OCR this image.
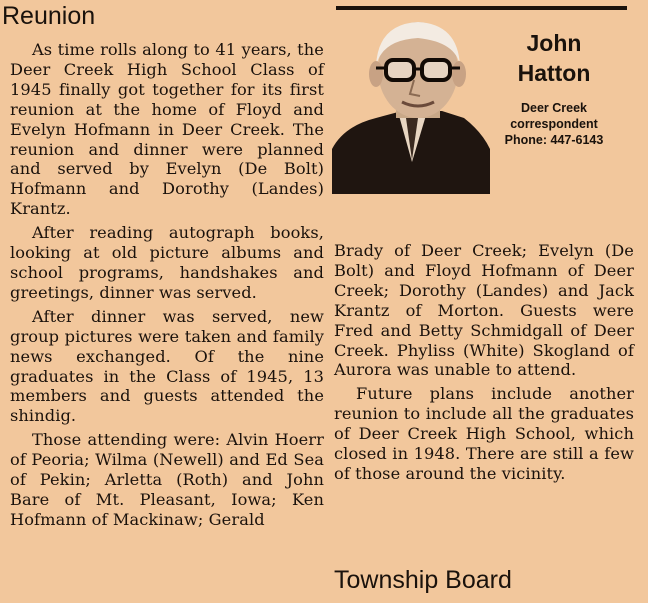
Reunion

As time rolls along to 41 years, the Deer Creek High School Class of 1945 finally got together for its first reunion at the home of Floyd and Evelyn Hofmann in Deer Creek. The reunion and dinner were planned and served by Evelyn (De Bolt) Hofmann and Dorothy (Landes) Krantz.

After reading autograph books, looking at old picture albums and school programs, handshakes and greetings, dinner was served.

After dinner was served, new group pictures were taken and family news exchanged. Of the nine graduates in the Class of 1945, 13 members and guests attended the shindig.

Those attending were: Alvin Hoerr of Peoria; Wilma (Newell) and Ed Sea of Pekin; Arletta (Roth) and John Bare of Mt. Pleasant, Iowa; Ken Hofmann of Mackinaw; Gerald

John
Hatton
Deer Creek
correspondent
Phone: 447-6143

Brady of Deer Creek; Evelyn (De Bolt) and Floyd Hofmann of Deer Creek; Dorothy (Landes) and Jack Krantz of Morton. Guests were Fred and Betty Schmidgall of Deer Creek. Phyliss (White) Skogland of Aurora was unable to attend.

Future plans include another reunion to include all the graduates of Deer Creek High School, which closed in 1948. There are still a few of those around the vicinity.

Township Board
